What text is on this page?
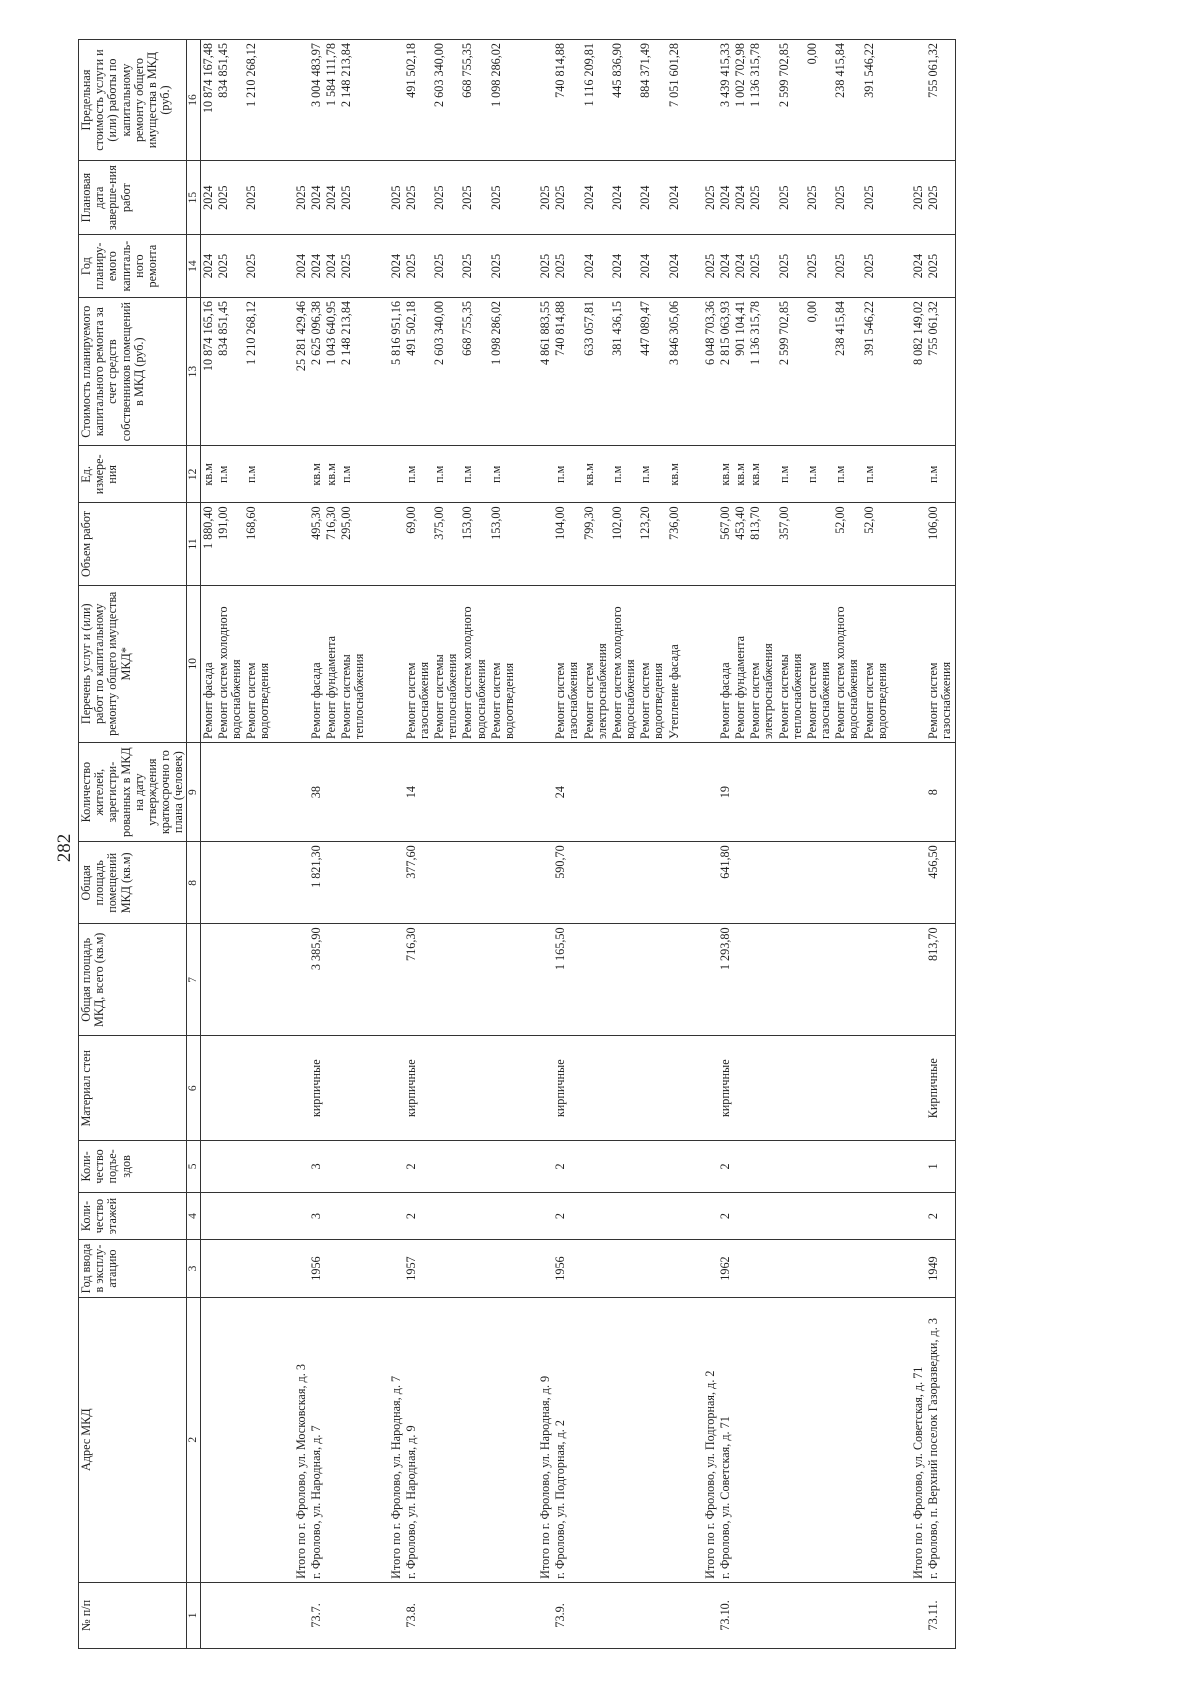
282
№ п/п	Адрес МКД	Год ввода в эксплу-атацию	Коли-чество этажей	Коли-чество подъе-здов	Материал стен	Общая площадь МКД, всего (кв.м)	Общая площадь помещений МКД (кв.м)	Количество жителей, зарегистри-рованных в МКД на дату утверждения краткосрочно го плана (человек)	Перечень услуг и (или) работ по капитальному ремонту общего имущества МКД*	Объем работ	Ед. измере-ния	Стоимость планируемого капитального ремонта за счет средств собственников помещений в МКД (руб.)	Год планиру-емого капиталь-ного ремонта	Плановая дата заверше-ния работ	Предельная стоимость услуги и (или) работы по капитальному ремонту общего имущества в МКД (руб.)
1	2	3	4	5	6	7	8	9	10	11	12	13	14	15	16
									Ремонт фасада	1 880,40	кв.м	10 874 165,16	2024	2024	10 874 167,48
									Ремонт систем холодного водоснабжения	191,00	п.м	834 851,45	2025	2025	834 851,45
									Ремонт систем водоотведения	168,60	п.м	1 210 268,12	2025	2025	1 210 268,12
	Итого по г. Фролово, ул. Московская, д. 3											25 281 429,46	2024	2025	
73.7.	г. Фролово, ул. Народная, д. 7	1956	3	3	кирпичные	3 385,90	1 821,30	38	Ремонт фасада	495,30	кв.м	2 625 096,38	2024	2024	3 004 483,97
									Ремонт фундамента	716,30	кв.м	1 043 640,95	2024	2024	1 584 111,78
									Ремонт системы теплоснабжения	295,00	п.м	2 148 213,84	2025	2025	2 148 213,84
	Итого по г. Фролово, ул. Народная, д. 7											5 816 951,16	2024	2025	
73.8.	г. Фролово, ул. Народная, д. 9	1957	2	2	кирпичные	716,30	377,60	14	Ремонт систем газоснабжения	69,00	п.м	491 502,18	2025	2025	491 502,18
									Ремонт системы теплоснабжения	375,00	п.м	2 603 340,00	2025	2025	2 603 340,00
									Ремонт систем холодного водоснабжения	153,00	п.м	668 755,35	2025	2025	668 755,35
									Ремонт систем водоотведения	153,00	п.м	1 098 286,02	2025	2025	1 098 286,02
	Итого по г. Фролово, ул. Народная, д. 9											4 861 883,55	2025	2025	
73.9.	г. Фролово, ул. Подгорная, д. 2	1956	2	2	кирпичные	1 165,50	590,70	24	Ремонт систем газоснабжения	104,00	п.м	740 814,88	2025	2025	740 814,88
									Ремонт систем электроснабжения	799,30	кв.м	633 057,81	2024	2024	1 116 209,81
									Ремонт систем холодного водоснабжения	102,00	п.м	381 436,15	2024	2024	445 836,90
									Ремонт систем водоотведения	123,20	п.м	447 089,47	2024	2024	884 371,49
									Утепление фасада	736,00	кв.м	3 846 305,06	2024	2024	7 051 601,28
	Итого по г. Фролово, ул. Подгорная, д. 2											6 048 703,36	2025	2025	
73.10.	г. Фролово, ул. Советская, д. 71	1962	2	2	кирпичные	1 293,80	641,80	19	Ремонт фасада	567,00	кв.м	2 815 063,93	2024	2024	3 439 415,33
									Ремонт фундамента	453,40	кв.м	901 104,41	2024	2024	1 002 702,98
									Ремонт систем электроснабжения	813,70	кв.м	1 136 315,78	2025	2025	1 136 315,78
									Ремонт системы теплоснабжения	357,00	п.м	2 599 702,85	2025	2025	2 599 702,85
									Ремонт систем газоснабжения		п.м	0,00	2025	2025	0,00
									Ремонт систем холодного водоснабжения	52,00	п.м	238 415,84	2025	2025	238 415,84
									Ремонт систем водоотведения	52,00	п.м	391 546,22	2025	2025	391 546,22
	Итого по г. Фролово, ул. Советская, д. 71											8 082 149,02	2024	2025	
73.11.	г. Фролово, п. Верхний поселок Газоразведки, д. 3	1949	2	1	Кирпичные	813,70	456,50	8	Ремонт систем газоснабжения	106,00	п.м	755 061,32	2025	2025	755 061,32
